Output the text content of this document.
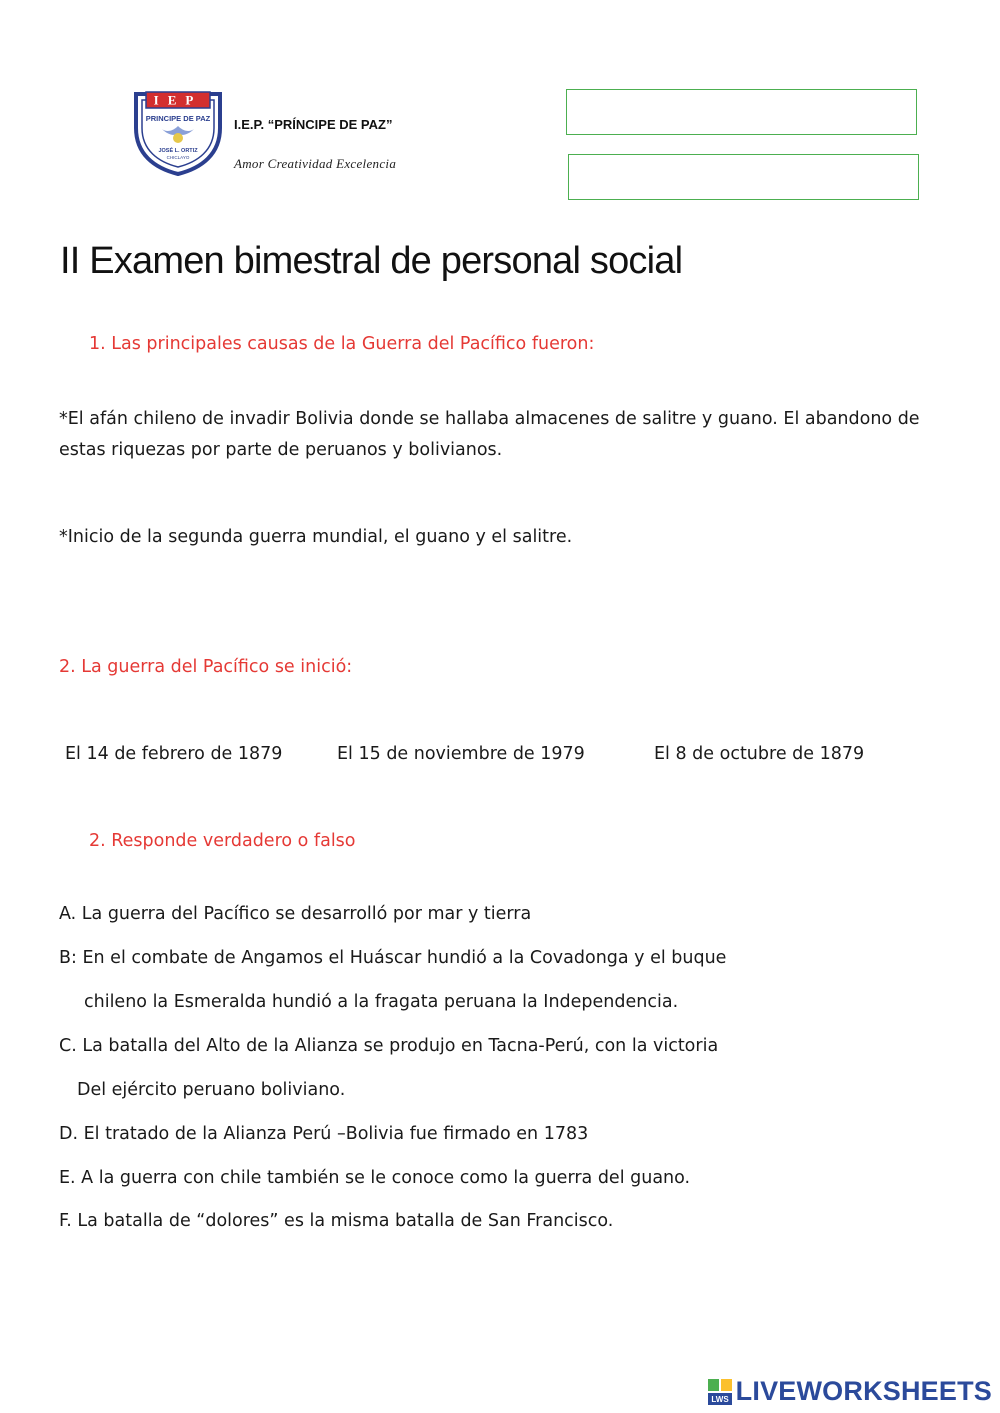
IEP
PRINCIPE DE PAZ
JOSÉ L. ORTIZ
CHICLAYO
I.E.P. “PRÍNCIPE DE PAZ”
Amor Creatividad Excelencia
II Examen bimestral de personal social
1. Las principales causas de la Guerra del Pacífico fueron:
*El afán chileno de invadir Bolivia donde se hallaba almacenes de salitre y guano. El abandono de estas riquezas por parte de peruanos y bolivianos.
*Inicio de la segunda guerra mundial, el guano y el salitre.
2. La guerra del Pacífico se inició:
El 14 de febrero de 1879	El 15 de noviembre de 1979	El 8 de octubre de 1879
2. Responde verdadero o falso
A. La guerra del Pacífico se desarrolló por mar y tierra
B: En el combate de Angamos el Huáscar hundió a la Covadonga y el buque
chileno la Esmeralda hundió a la fragata peruana la Independencia.
C. La batalla del Alto de la Alianza se produjo en Tacna-Perú, con la victoria
Del ejército peruano boliviano.
D. El tratado de la Alianza Perú –Bolivia fue firmado en 1783
E. A la guerra con chile también se le conoce como la guerra del guano.
F. La batalla de “dolores” es la misma batalla de San Francisco.
LWS LIVEWORKSHEETS
